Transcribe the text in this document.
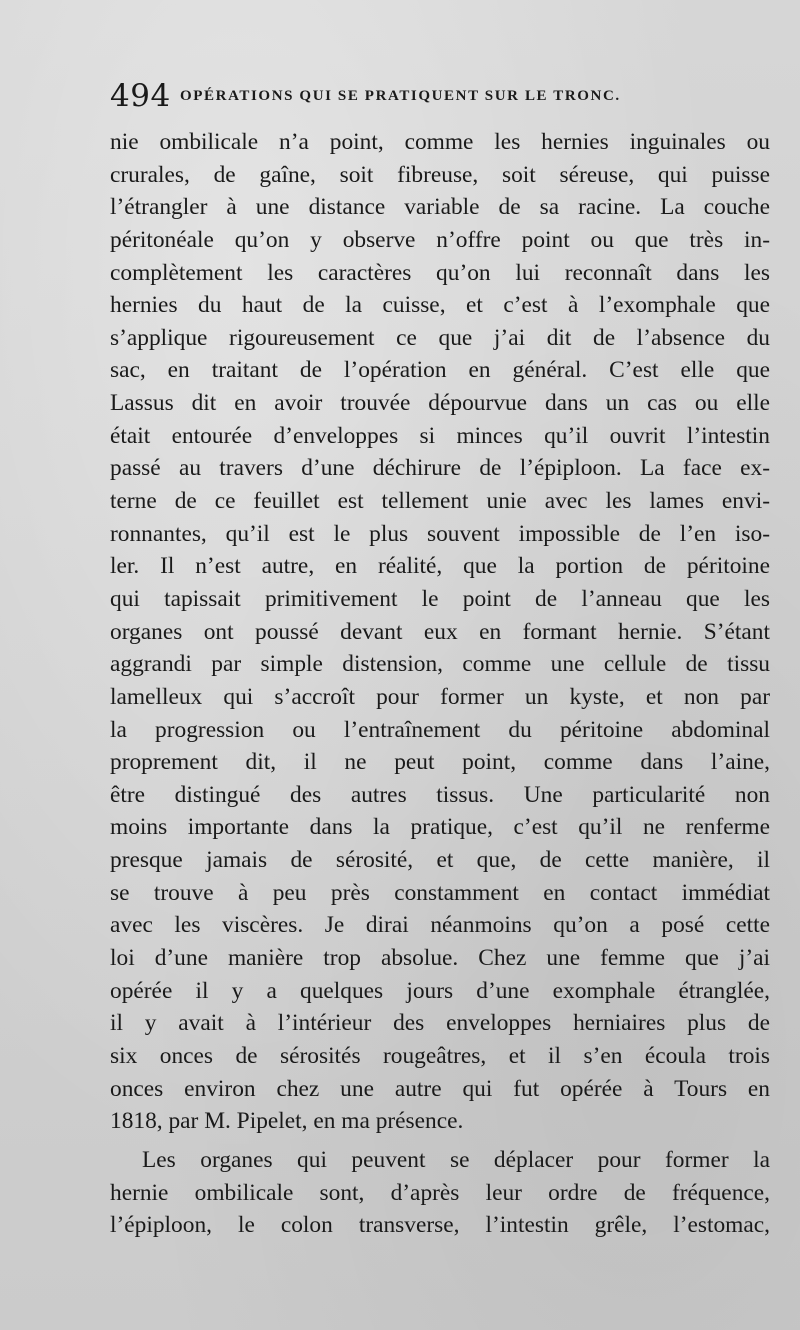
494 OPÉRATIONS QUI SE PRATIQUENT SUR LE TRONC.
nie ombilicale n’a point, comme les hernies inguinales ou
crurales, de gaîne, soit fibreuse, soit séreuse, qui puisse
l’étrangler à une distance variable de sa racine. La couche
péritonéale qu’on y observe n’offre point ou que très in-
complètement les caractères qu’on lui reconnaît dans les
hernies du haut de la cuisse, et c’est à l’exomphale que
s’applique rigoureusement ce que j’ai dit de l’absence du
sac, en traitant de l’opération en général. C’est elle que
Lassus dit en avoir trouvée dépourvue dans un cas ou elle
était entourée d’enveloppes si minces qu’il ouvrit l’intestin
passé au travers d’une déchirure de l’épiploon. La face ex-
terne de ce feuillet est tellement unie avec les lames envi-
ronnantes, qu’il est le plus souvent impossible de l’en iso-
ler. Il n’est autre, en réalité, que la portion de péritoine
qui tapissait primitivement le point de l’anneau que les
organes ont poussé devant eux en formant hernie. S’étant
aggrandi par simple distension, comme une cellule de tissu
lamelleux qui s’accroît pour former un kyste, et non par
la progression ou l’entraînement du péritoine abdominal
proprement dit, il ne peut point, comme dans l’aine,
être distingué des autres tissus. Une particularité non
moins importante dans la pratique, c’est qu’il ne renferme
presque jamais de sérosité, et que, de cette manière, il
se trouve à peu près constamment en contact immédiat
avec les viscères. Je dirai néanmoins qu’on a posé cette
loi d’une manière trop absolue. Chez une femme que j’ai
opérée il y a quelques jours d’une exomphale étranglée,
il y avait à l’intérieur des enveloppes herniaires plus de
six onces de sérosités rougeâtres, et il s’en écoula trois
onces environ chez une autre qui fut opérée à Tours en
1818, par M. Pipelet, en ma présence.
Les organes qui peuvent se déplacer pour former la
hernie ombilicale sont, d’après leur ordre de fréquence,
l’épiploon, le colon transverse, l’intestin grêle, l’estomac,
